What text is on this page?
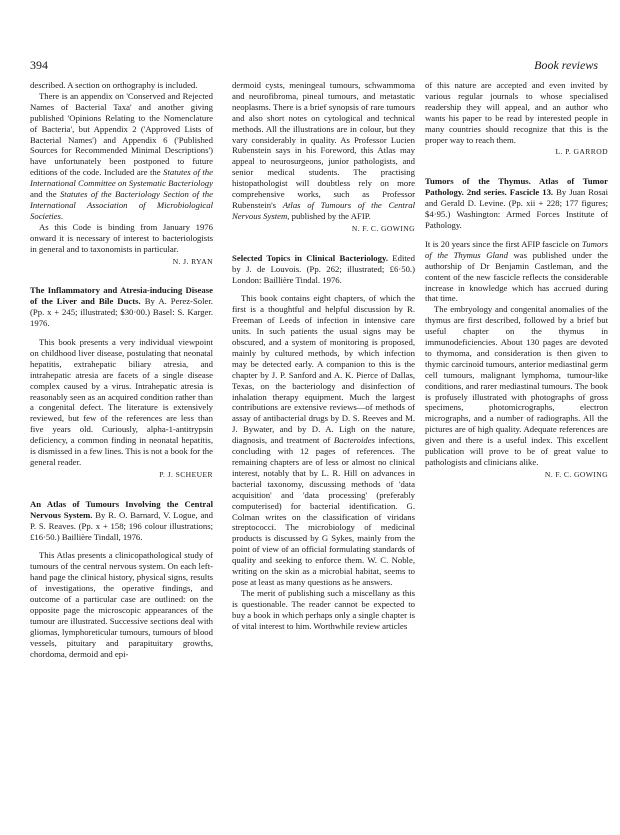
394	Book reviews

described. A section on orthography is included.

There is an appendix on 'Conserved and Rejected Names of Bacterial Taxa' and another giving published 'Opinions Relating to the Nomenclature of Bacteria', but Appendix 2 ('Approved Lists of Bacterial Names') and Appendix 6 ('Published Sources for Recommended Minimal Descriptions') have unfortunately been postponed to future editions of the code. Included are the Statutes of the International Committee on Systematic Bacteriology and the Statutes of the Bacteriology Section of the International Association of Microbiological Societies.

As this Code is binding from January 1976 onward it is necessary of interest to bacteriologists in general and to taxonomists in particular.

N. J. RYAN

The Inflammatory and Atresia-inducing Disease of the Liver and Bile Ducts. By A. Perez-Soler. (Pp. x + 245; illustrated; $30·00.) Basel: S. Karger. 1976.

This book presents a very individual viewpoint on childhood liver disease, postulating that neonatal hepatitis, extrahepatic biliary atresia, and intrahepatic atresia are facets of a single disease complex caused by a virus. Intrahepatic atresia is reasonably seen as an acquired condition rather than a congenital defect. The literature is extensively reviewed, but few of the references are less than five years old. Curiously, alpha-1-antitrypsin deficiency, a common finding in neonatal hepatitis, is dismissed in a few lines. This is not a book for the general reader.

P. J. SCHEUER

An Atlas of Tumours Involving the Central Nervous System. By R. O. Barnard, V. Logue, and P. S. Reaves. (Pp. x + 158; 196 colour illustrations; £16·50.) Baillière Tindall, 1976.

This Atlas presents a clinicopathological study of tumours of the central nervous system. On each left-hand page the clinical history, physical signs, results of investigations, the operative findings, and outcome of a particular case are outlined: on the opposite page the microscopic appearances of the tumour are illustrated. Successive sections deal with gliomas, lymphoreticular tumours, tumours of blood vessels, pituitary and parapituitary growths, chordoma, dermoid and epi-

dermoid cysts, meningeal tumours, schwammoma and neurofibroma, pineal tumours, and metastatic neoplasms. There is a brief synopsis of rare tumours and also short notes on cytological and technical methods. All the illustrations are in colour, but they vary considerably in quality. As Professor Lucien Rubenstein says in his Foreword, this Atlas may appeal to neurosurgeons, junior pathologists, and senior medical students. The practising histopathologist will doubtless rely on more comprehensive works, such as Professor Rubenstein's Atlas of Tumours of the Central Nervous System, published by the AFIP.

N. F. C. GOWING

Selected Topics in Clinical Bacteriology. Edited by J. de Louvois. (Pp. 262; illustrated; £6·50.) London: Baillière Tindal. 1976.

This book contains eight chapters, of which the first is a thoughtful and helpful discussion by R. Freeman of Leeds of infection in intensive care units. In such patients the usual signs may be obscured, and a system of monitoring is proposed, mainly by cultured methods, by which infection may be detected early. A companion to this is the chapter by J. P. Sanford and A. K. Pierce of Dallas, Texas, on the bacteriology and disinfection of inhalation therapy equipment. Much the largest contributions are extensive reviews—of methods of assay of antibacterial drugs by D. S. Reeves and M. J. Bywater, and by D. A. Ligh on the nature, diagnosis, and treatment of Bacteroides infections, concluding with 12 pages of references. The remaining chapters are of less or almost no clinical interest, notably that by L. R. Hill on advances in bacterial taxonomy, discussing methods of 'data acquisition' and 'data processing' (preferably computerised) for bacterial identification. G. Colman writes on the classification of viridans streptococci. The microbiology of medicinal products is discussed by G Sykes, mainly from the point of view of an official formulating standards of quality and seeking to enforce them. W. C. Noble, writing on the skin as a microbial habitat, seems to pose at least as many questions as he answers.

The merit of publishing such a miscellany as this is questionable. The reader cannot be expected to buy a book in which perhaps only a single chapter is of vital interest to him. Worthwhile review articles

of this nature are accepted and even invited by various regular journals to whose specialised readership they will appeal, and an author who wants his paper to be read by interested people in many countries should recognize that this is the proper way to reach them.

L. P. GARROD

Tumors of the Thymus. Atlas of Tumor Pathology. 2nd series. Fascicle 13. By Juan Rosai and Gerald D. Levine. (Pp. xii + 228; 177 figures; $4·95.) Washington: Armed Forces Institute of Pathology.

It is 20 years since the first AFIP fascicle on Tumors of the Thymus Gland was published under the authorship of Dr Benjamin Castleman, and the content of the new fascicle reflects the considerable increase in knowledge which has accrued during that time.

The embryology and congenital anomalies of the thymus are first described, followed by a brief but useful chapter on the thymus in immunodeficiencies. About 130 pages are devoted to thymoma, and consideration is then given to thymic carcinoid tumours, anterior mediastinal germ cell tumours, malignant lymphoma, tumour-like conditions, and rarer mediastinal tumours. The book is profusely illustrated with photographs of gross specimens, photomicrographs, electron micrographs, and a number of radiographs. All the pictures are of high quality. Adequate references are given and there is a useful index. This excellent publication will prove to be of great value to pathologists and clinicians alike.

N. F. C. GOWING
